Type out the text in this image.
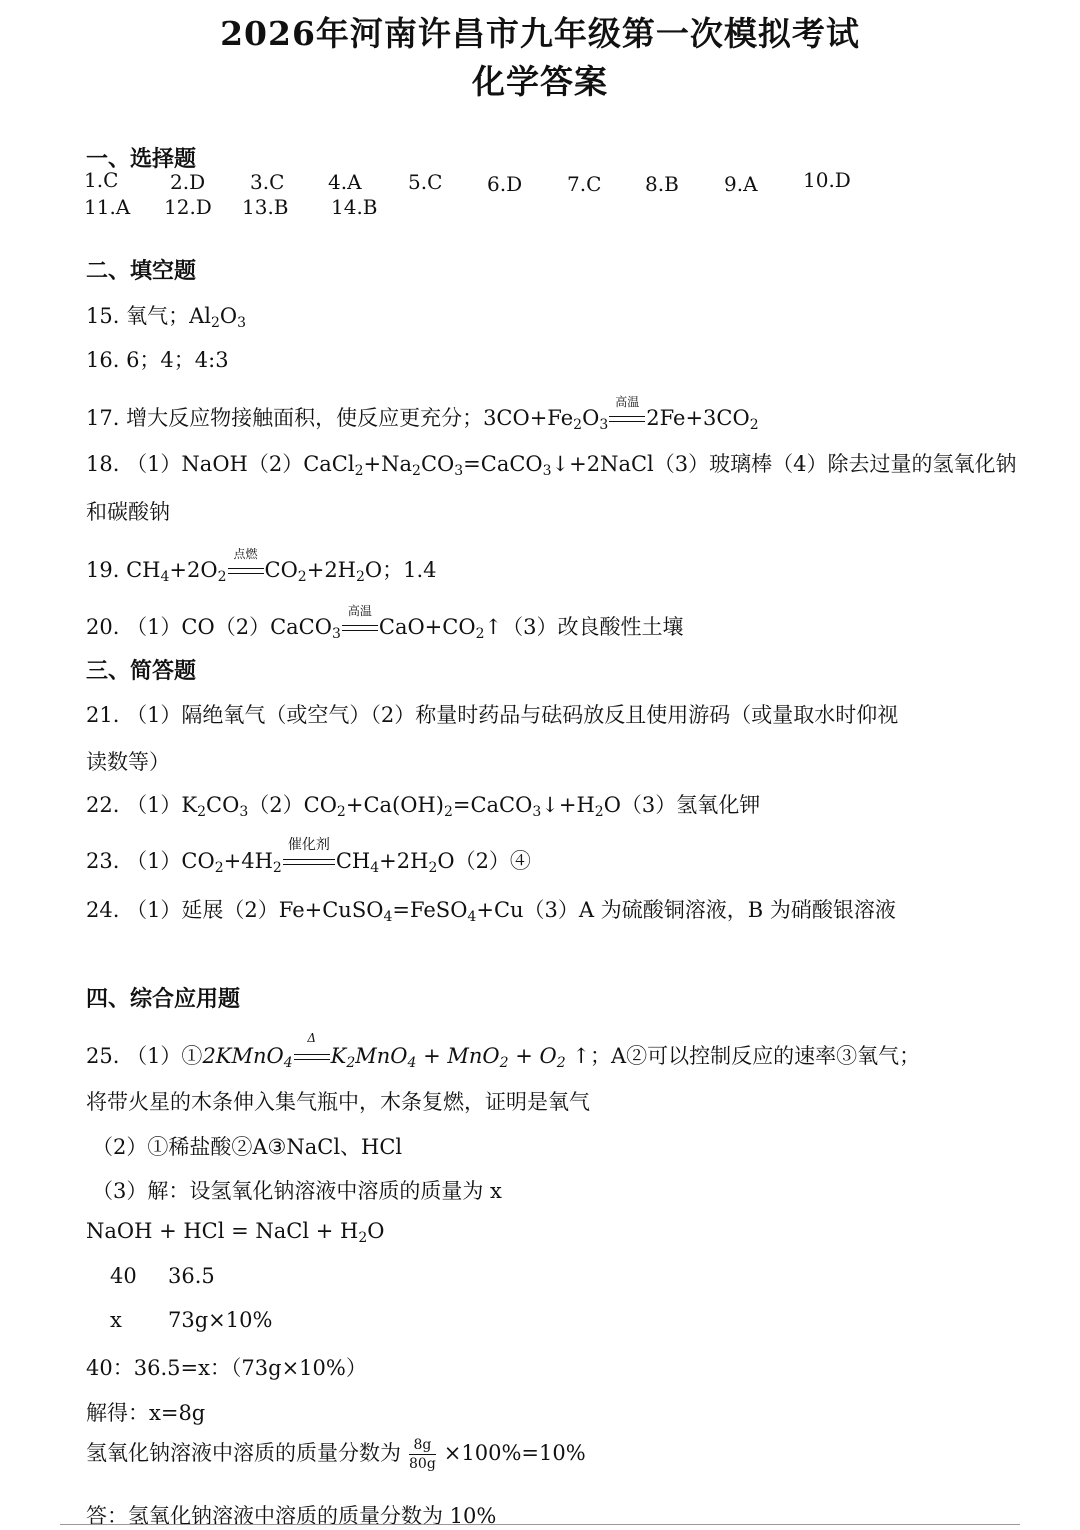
2026年河南许昌市九年级第一次模拟考试
化学答案
一、选择题
1.C	2.D 3.C 4.A 5.C 6.D 7.C 8.B 9.A 10.D
11.A 12.D 13.B 14.B
二、填空题
15. 氧气；$Al_2O_3$
16. 6；4；4:3
17. 增大反应物接触面积，使反应更充分；$3CO+Fe_2O_3$
高温
$2Fe+3CO_2$
18. $(1)NaOH(2)CaCl_2+Na_2CO_3=CaCO_3↓+2NaCl(3)$玻璃棒（4）除去过量的氢氧化钠
和碳酸钠
19. $CH_4+2O_2$
点燃
$CO_2+2H_2O$；1.4
20. （1）CO（2）CaCO$_3$
高温
$CaO+CO_2↑(3)$改良酸性土壤
三、简答题
21. （1）隔绝氧气（或空气）（2）称量时药品与砝码放反且使用游码（或量取水时仰视
读数等）
22. $(1)K_2CO_3(2)CO_2+Ca(OH)_2=CaCO_3↓+H_2O(3)$氢氧化钾
23. $(1)CO_2+4H_2$
催化剂
$CH_4+2H_2O(2)④$
24. （1）延展（2）Fe+CuSO$_4$=FeSO$_4$+Cu（3）A 为硫酸铜溶液，B 为硝酸银溶液
四、综合应用题
25. （1）①2KMnO$_4$
Δ
$K_2MnO_4 + MnO_2 + O_2$ ↑；A②可以控制反应的速率③氧气；
将带火星的木条伸入集气瓶中，木条复燃，证明是氧气
（2）①稀盐酸②A③NaCl、HCl
（3）解：设氢氧化钠溶液中溶质的质量为 x
NaOH + HCl = NaCl + $H_2O$
40 36.5
x 73g×10%
40：36.5=x：（73g×10%）
解得：x=8g
氢氧化钠溶液中溶质的质量分数为 $\frac{8g}{80g} \times 100\%=10\%$
答：氢氧化钠溶液中溶质的质量分数为 10%
